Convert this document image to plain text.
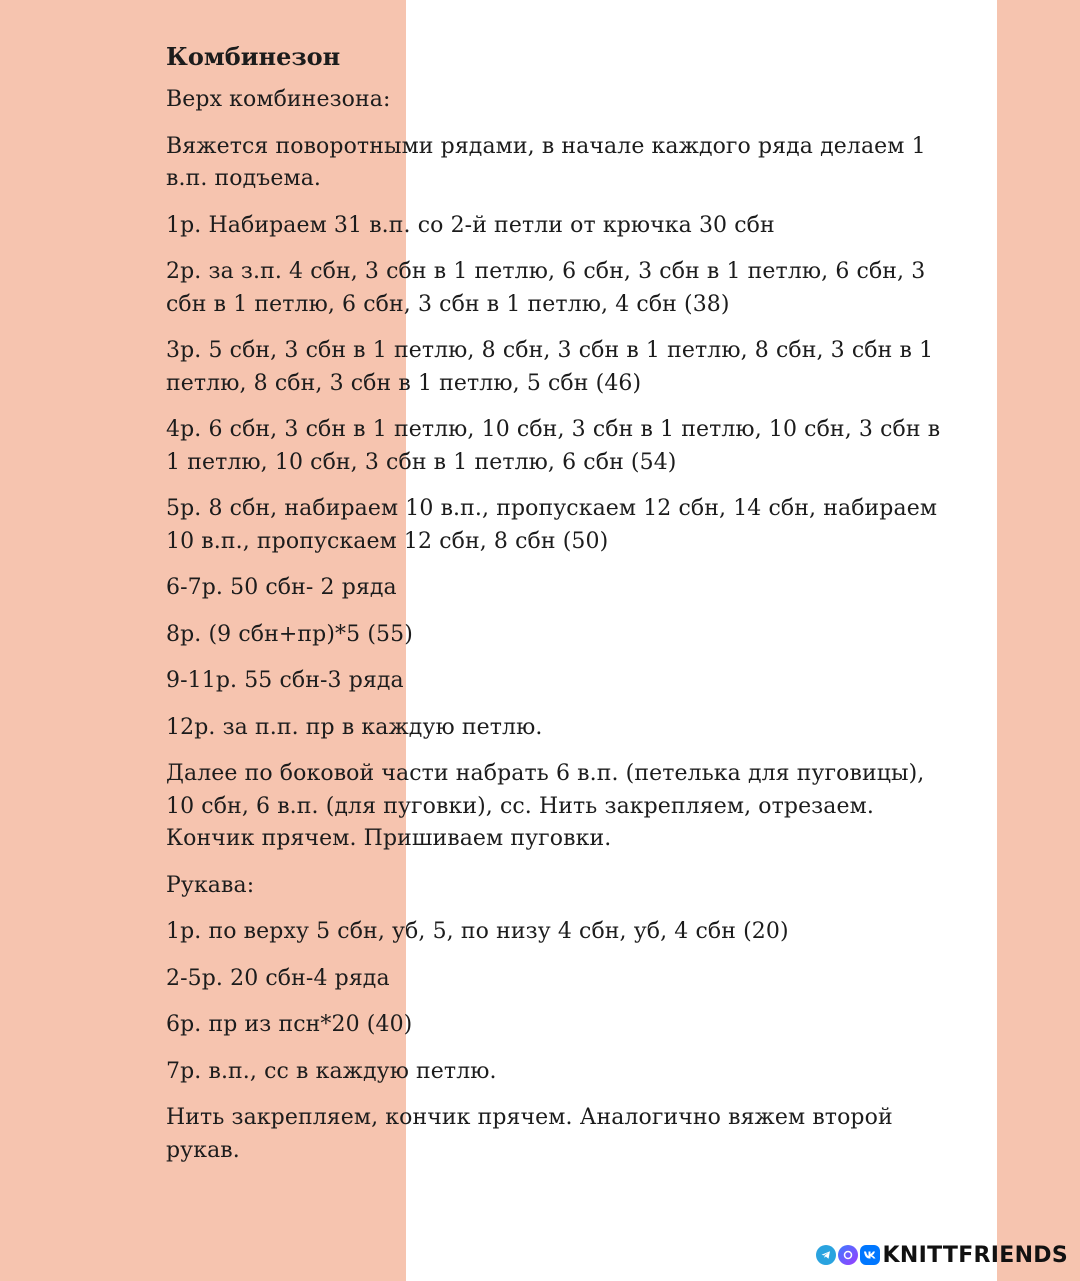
Комбинезон

Верх комбинезона:

Вяжется поворотными рядами, в начале каждого ряда делаем 1 в.п. подъема.

1р. Набираем 31 в.п. со 2-й петли от крючка 30 сбн

2р. за з.п. 4 сбн, 3 сбн в 1 петлю, 6 сбн, 3 сбн в 1 петлю, 6 сбн, 3 сбн в 1 петлю, 6 сбн, 3 сбн в 1 петлю, 4 сбн (38)

3р. 5 сбн, 3 сбн в 1 петлю, 8 сбн, 3 сбн в 1 петлю, 8 сбн, 3 сбн в 1 петлю, 8 сбн, 3 сбн в 1 петлю, 5 сбн (46)

4р. 6 сбн, 3 сбн в 1 петлю, 10 сбн, 3 сбн в 1 петлю, 10 сбн, 3 сбн в 1 петлю, 10 сбн, 3 сбн в 1 петлю, 6 сбн (54)

5р. 8 сбн, набираем 10 в.п., пропускаем 12 сбн, 14 сбн, набираем 10 в.п., пропускаем 12 сбн, 8 сбн (50)

6-7р. 50 сбн- 2 ряда

8р. (9 сбн+пр)*5 (55)

9-11р. 55 сбн-3 ряда

12р. за п.п. пр в каждую петлю.

Далее по боковой части набрать 6 в.п. (петелька для пуговицы), 10 сбн, 6 в.п. (для пуговки), сс. Нить закрепляем, отрезаем. Кончик прячем. Пришиваем пуговки.

Рукава:

1р. по верху 5 сбн, уб, 5, по низу 4 сбн, уб, 4 сбн (20)

2-5р. 20 сбн-4 ряда

6р. пр из псн*20 (40)

7р. в.п., сс в каждую петлю.

Нить закрепляем, кончик прячем. Аналогично вяжем второй рукав.

KNITTFRIENDS
